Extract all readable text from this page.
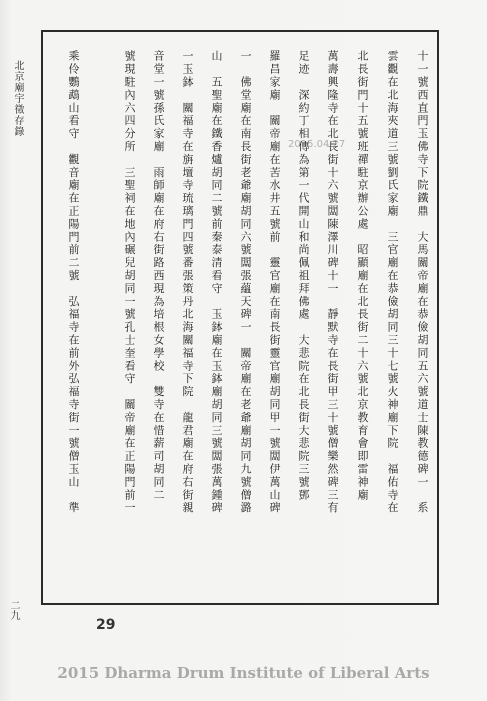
北京廟宇徵存錄
二九
十一號西直門玉佛寺下院鐵鼎　大馬關帝廟在恭儉胡同五六號道士陳教德碑一　系
雲觀在北海夾道三號劉氏家廟　三官廟在恭儉胡同三十七號火神廟下院　福佑寺在
北長街門十五號班禪駐京辦公處　昭顯廟在北長街二十六號北京教育會即雷神廟
萬壽興隆寺在北長街十六號闆陳澤川碑十一　靜默寺在長街甲三十號僧樂然碑三有
足迹　深約丁相傳為第一代開山和尚佩祖拜佛處　大悲院在北長街大悲院三號鄧
羅昌家廟　關帝廟在苦水井五號前　靈官廟在南長街靈官廟胡同甲一號闆伊萬山碑
一　佛堂廟在南長街老爺廟胡同六號闆張蘊天碑一　關帝廟在老爺廟胡同九號僧潞
山　五聖廟在鐵香爐胡同二號前秦泰清看守　玉鉢廟在玉鉢廟胡同三號闆張萬鍾碑
一玉鉢　關福寺在旃壇寺琉璃門四號番張策丹北海關福寺下院　龍君廟在府右街親
音堂一號孫氏家廟　雨師廟在府右街路西現為培根女學校　雙寺在惜薪司胡同二
號現駐內六四分所　三聖祠在地內碾兒胡同一號孔士奎看守　關帝廟在正陽門前一
乘伶鸚鵡山看守　觀音廟在正陽門前二號　弘福寺在前外弘福寺街一號僧玉山　準	2015.04.27
29
2015 Dharma Drum Institute of Liberal Arts
